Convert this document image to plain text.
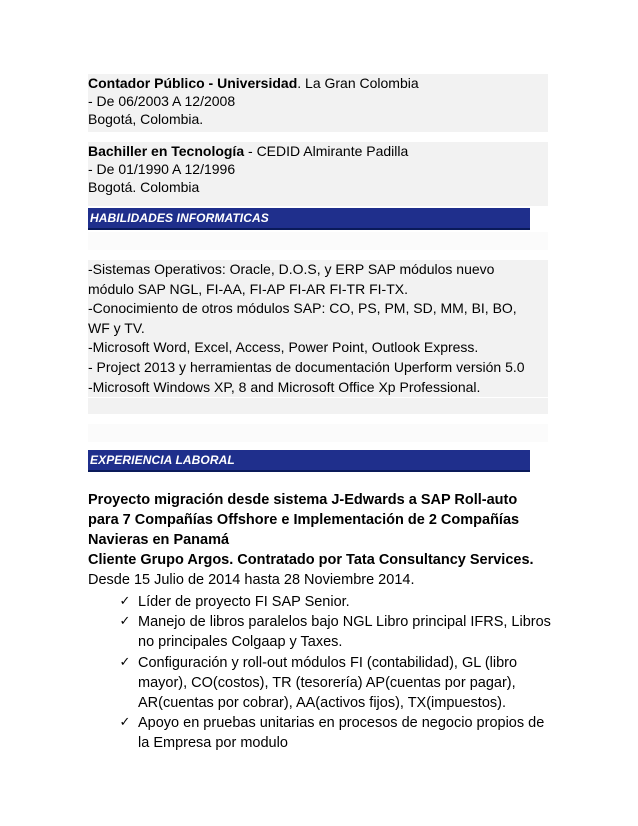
Contador Público - Universidad. La Gran Colombia
- De 06/2003 A 12/2008
Bogotá, Colombia.
Bachiller en Tecnología - CEDID Almirante Padilla
- De 01/1990 A 12/1996
Bogotá. Colombia
HABILIDADES INFORMATICAS
-Sistemas Operativos: Oracle, D.O.S, y ERP SAP módulos nuevo
módulo SAP NGL, FI-AA, FI-AP FI-AR FI-TR FI-TX.
-Conocimiento de otros módulos SAP: CO, PS, PM, SD, MM, BI, BO,
WF y TV.
-Microsoft Word, Excel, Access, Power Point, Outlook Express.
- Project 2013 y herramientas de documentación Uperform versión 5.0
-Microsoft Windows XP, 8 and Microsoft Office Xp Professional.
EXPERIENCIA LABORAL
Proyecto migración desde sistema J-Edwards a SAP Roll-auto
para 7 Compañías Offshore e Implementación de 2 Compañías
Navieras en Panamá
Cliente Grupo Argos. Contratado por Tata Consultancy Services.
Desde 15 Julio de 2014 hasta 28 Noviembre 2014.
✓ Líder de proyecto FI SAP Senior.
✓ Manejo de libros paralelos bajo NGL Libro principal IFRS, Libros
no principales Colgaap y Taxes.
✓ Configuración y roll-out módulos FI (contabilidad), GL (libro
mayor), CO(costos), TR (tesorería) AP(cuentas por pagar),
AR(cuentas por cobrar), AA(activos fijos), TX(impuestos).
✓ Apoyo en pruebas unitarias en procesos de negocio propios de
la Empresa por modulo
